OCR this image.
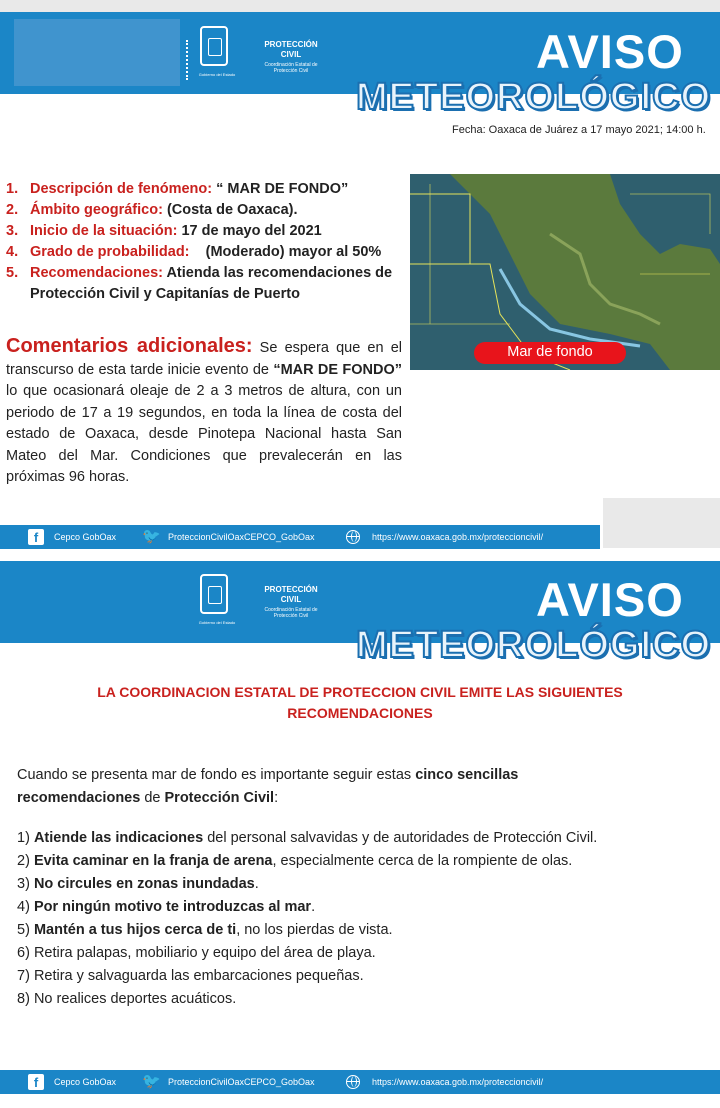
Gobierno del Estado
PROTECCIÓN
CIVIL
Coordinación Estatal de
Protección Civil	AVISO
METEOROLÓGICO
Fecha: Oaxaca de Juárez a 17 mayo 2021; 14:00 h.
1. Descripción de fenómeno: “ MAR DE FONDO”
2. Ámbito geográfico: (Costa de Oaxaca).
3. Inicio de la situación: 17 de mayo del 2021
4. Grado de probabilidad:    (Moderado) mayor al 50%
5. Recomendaciones: Atienda las recomendaciones de Protección Civil y Capitanías de Puerto
Comentarios adicionales: Se espera que en el transcurso de esta tarde inicie evento de “MAR DE FONDO” lo que ocasionará oleaje de 2 a 3 metros de altura, con un periodo de 17 a 19 segundos, en toda la línea de costa del estado de Oaxaca, desde Pinotepa Nacional hasta San Mateo del Mar. Condiciones que prevalecerán en las próximas 96 horas.
Mar de fondo
f	Cepco GobOax 🐦 ProteccionCivilOaxCEPCO_GobOax	https://www.oaxaca.gob.mx/proteccioncivil/
Gobierno del Estado
PROTECCIÓN
CIVIL
Coordinación Estatal de
Protección Civil	AVISO
METEOROLÓGICO
LA COORDINACION ESTATAL DE PROTECCION CIVIL EMITE LAS SIGUIENTES
RECOMENDACIONES
Cuando se presenta mar de fondo es importante seguir estas cinco sencillas
recomendaciones de Protección Civil:
1) Atiende las indicaciones del personal salvavidas y de autoridades de Protección Civil.
2) Evita caminar en la franja de arena, especialmente cerca de la rompiente de olas.
3) No circules en zonas inundadas.
4) Por ningún motivo te introduzcas al mar.
5) Mantén a tus hijos cerca de ti, no los pierdas de vista.
6) Retira palapas, mobiliario y equipo del área de playa.
7) Retira y salvaguarda las embarcaciones pequeñas.
8) No realices deportes acuáticos.
f	Cepco GobOax 🐦 ProteccionCivilOaxCEPCO_GobOax	https://www.oaxaca.gob.mx/proteccioncivil/
